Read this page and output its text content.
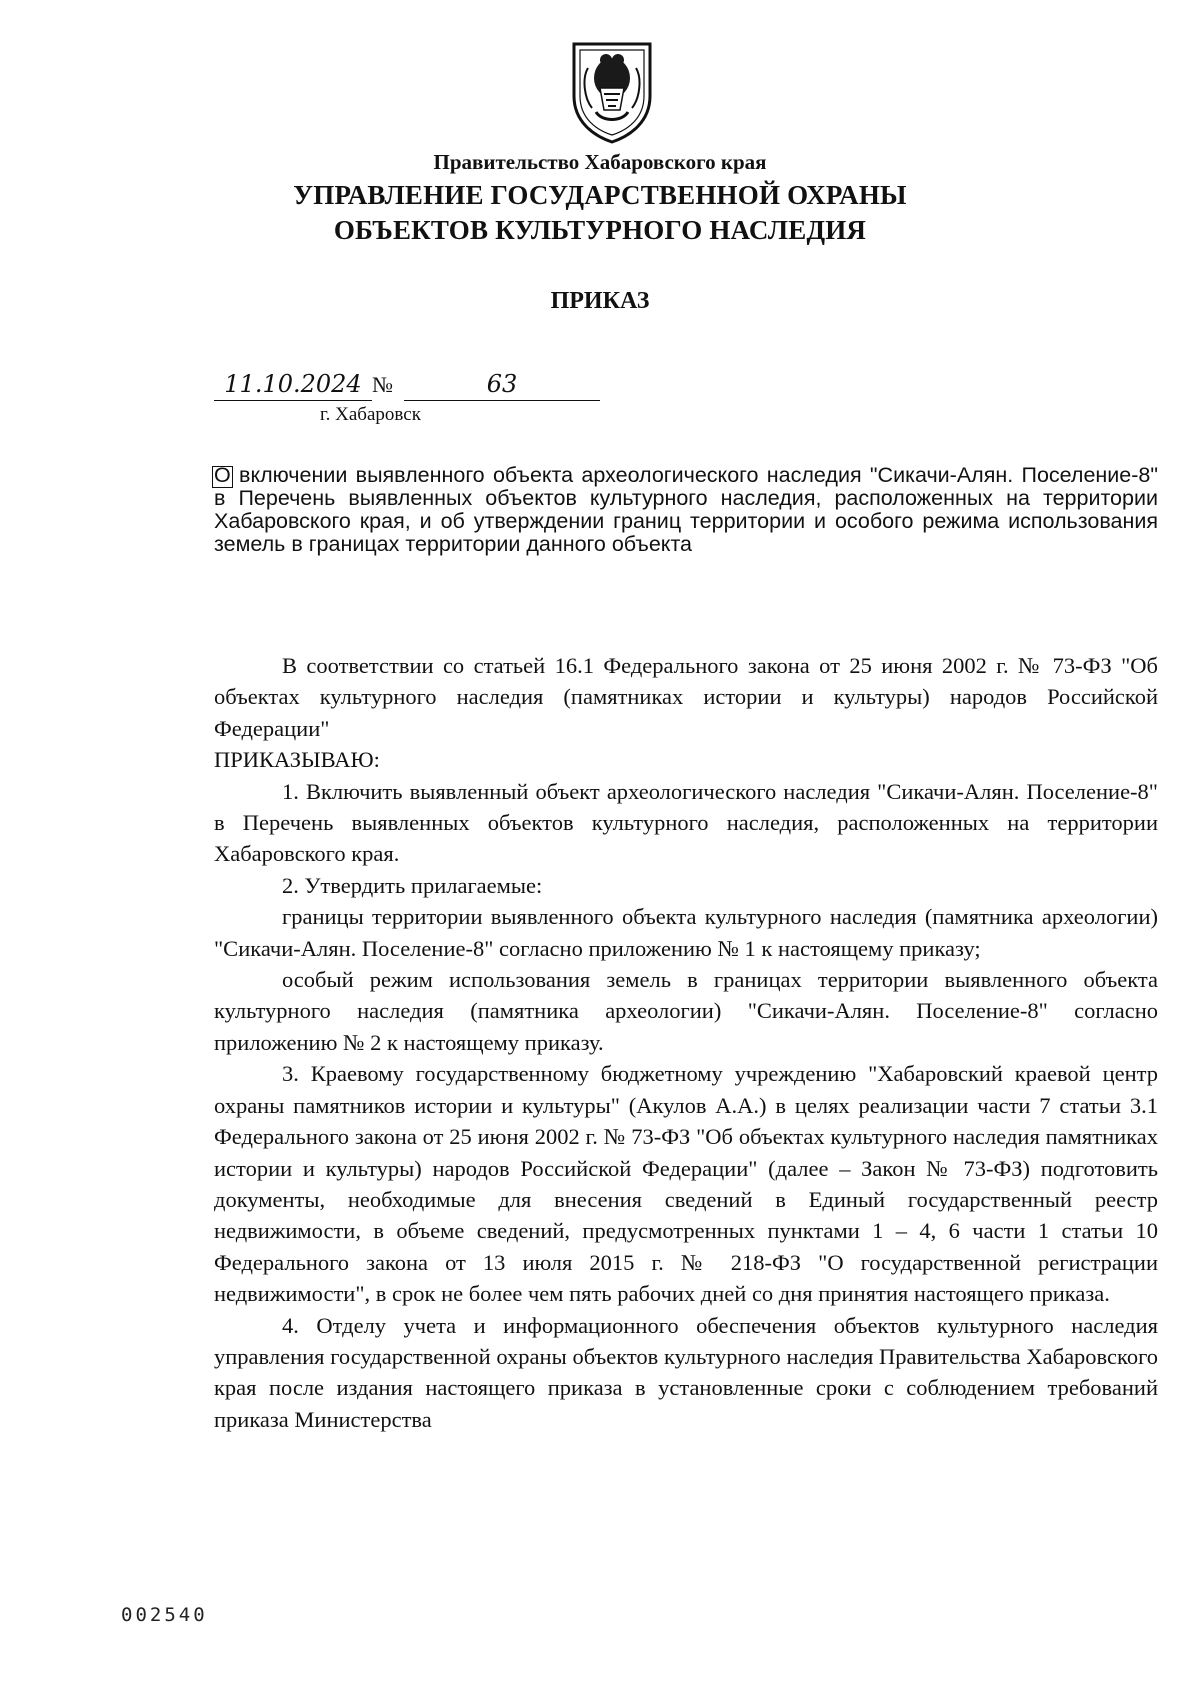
Правительство Хабаровского края
УПРАВЛЕНИЕ ГОСУДАРСТВЕННОЙ ОХРАНЫ
ОБЪЕКТОВ КУЛЬТУРНОГО НАСЛЕДИЯ
ПРИКАЗ
11.10.2024 №	63
г. Хабаровск
О включении выявленного объекта археологического наследия "Сикачи-Алян. Поселение-8" в Перечень выявленных объектов культурного наследия, расположенных на территории Хабаровского края, и об утверждении границ территории и особого режима использования земель в границах территории данного объекта

В соответствии со статьей 16.1 Федерального закона от 25 июня 2002 г. № 73-ФЗ "Об объектах культурного наследия (памятниках истории и культуры) народов Российской Федерации"

ПРИКАЗЫВАЮ:

1. Включить выявленный объект археологического наследия "Сикачи-Алян. Поселение-8" в Перечень выявленных объектов культурного наследия, расположенных на территории Хабаровского края.

2. Утвердить прилагаемые:

границы территории выявленного объекта культурного наследия (памятника археологии) "Сикачи-Алян. Поселение-8" согласно приложению № 1 к настоящему приказу;

особый режим использования земель в границах территории выявленного объекта культурного наследия (памятника археологии) "Сикачи-Алян. Поселение-8" согласно приложению № 2 к настоящему приказу.

3. Краевому государственному бюджетному учреждению "Хабаровский краевой центр охраны памятников истории и культуры" (Акулов А.А.) в целях реализации части 7 статьи 3.1 Федерального закона от 25 июня 2002 г. № 73-ФЗ "Об объектах культурного наследия памятниках истории и культуры) народов Российской Федерации" (далее – Закон № 73-ФЗ) подготовить документы, необходимые для внесения сведений в Единый государственный реестр недвижимости, в объеме сведений, предусмотренных пунктами 1 – 4, 6 части 1 статьи 10 Федерального закона от 13 июля 2015 г. № 218-ФЗ "О государственной регистрации недвижимости", в срок не более чем пять рабочих дней со дня принятия настоящего приказа.

4. Отделу учета и информационного обеспечения объектов культурного наследия управления государственной охраны объектов культурного наследия Правительства Хабаровского края после издания настоящего приказа в установленные сроки с соблюдением требований приказа Министерства

002540
